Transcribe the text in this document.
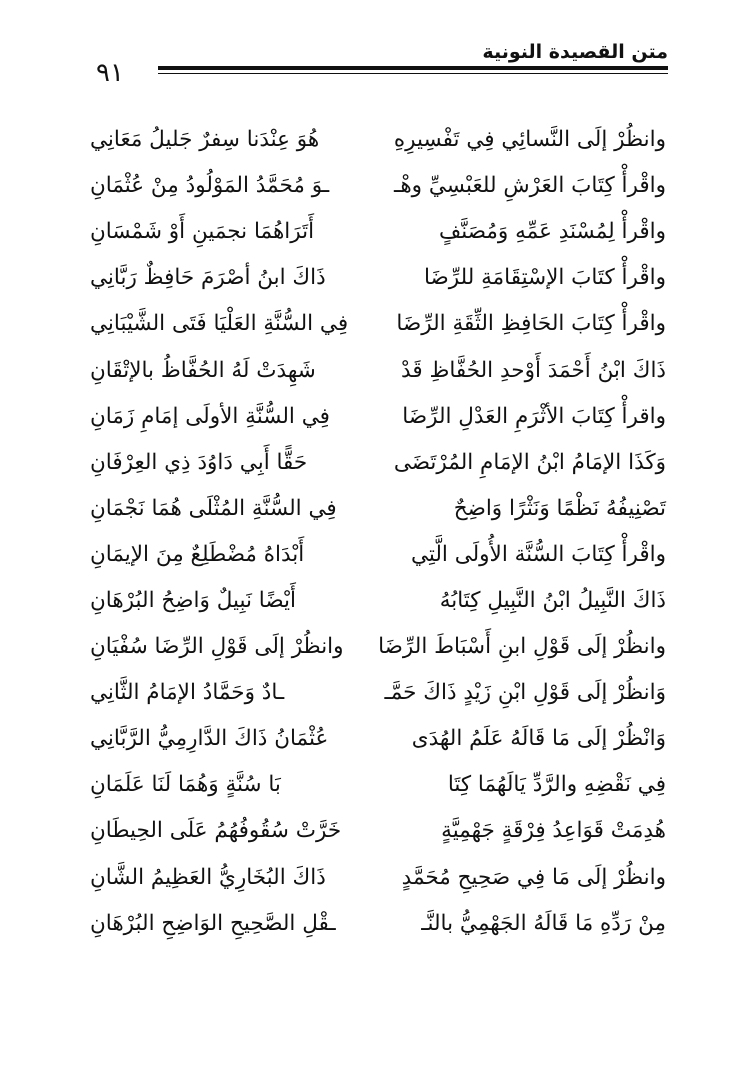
متن القصيدة النونية
٩١
وانظُرْ إلَى النَّسائِي فِي تَفْسِيرِهِ
هُوَ عِنْدَنا سِفرٌ جَليلُ مَعَانِي
واقْرأْ كِتَابَ العَرْشِ للعَبْسِيِّ وهْـ
ـوَ مُحَمَّدُ المَوْلُودُ مِنْ عُثْمَانِ
واقْرأْ لِمُسْنَدِ عَمِّهِ وَمُصَنَّفٍ
أَتَرَاهُمَا نجمَينِ أَوْ شَمْسَانِ
واقْرأْ كتَابَ الإسْتِقَامَةِ للرِّضَا
ذَاكَ ابنُ أصْرَمَ حَافِظٌ رَبَّانِي
واقْرأْ كِتَابَ الحَافِظِ الثِّقَةِ الرِّضَا
فِي السُّنَّةِ العَلْيَا فَتَى الشَّيْبَانِي
ذَاكَ ابْنُ أَحْمَدَ أَوْحدِ الحُفَّاظِ قَدْ
شَهِدَتْ لَهُ الحُفَّاظُ بالإتْقَانِ
واقرأْ كِتَابَ الأثْرَمِ العَدْلِ الرِّضَا
فِي السُّنَّةِ الأولَى إمَامِ زَمَانِ
وَكَذَا الإمَامُ ابْنُ الإمَامِ المُرْتَضَى
حَقًّا أَبِي دَاوُدَ ذِي العِرْفَانِ
تَصْنِيفُهُ نَظْمًا وَنَثْرًا وَاضِحٌ
فِي السُّنَّةِ المُثْلَى هُمَا نَجْمَانِ
واقْرأْ كِتَابَ السُّنَّة الأُولَى الَّتِي
أَبْدَاهُ مُضْطَلِعٌ مِنَ الإيمَانِ
ذَاكَ النَّبِيلُ ابْنُ النَّبِيلِ كِتَابُهُ
أَيْضًا نَبِيلٌ وَاضِحُ البُرْهَانِ
وانظُرْ إلَى قَوْلِ ابنِ أَسْبَاطَ الرِّضَا
وانظُرْ إلَى قَوْلِ الرِّضَا سُفْيَانِ
وَانظُرْ إلَى قَوْلِ ابْنِ زَيْدٍ ذَاكَ حَمَّـ
ـادٌ وَحَمَّادُ الإمَامُ الثَّانِي
وَانْظُرْ إلَى مَا قَالَهُ عَلَمُ الهُدَى
عُثْمَانُ ذَاكَ الدَّارِمِيُّ الرَّبَّانِي
فِي نَقْضِهِ والرَّدِّ يَالَهُمَا كِتَا
بَا سُنَّةٍ وَهُمَا لَنَا عَلَمَانِ
هُدِمَتْ قَوَاعِدُ فِرْقَةٍ جَهْمِيَّةٍ
خَرَّتْ سُقُوفُهُمُ عَلَى الحِيطَانِ
وانظُرْ إلَى مَا فِي صَحِيحِ مُحَمَّدٍ
ذَاكَ البُخَارِيُّ العَظِيمُ الشَّانِ
مِنْ رَدِّهِ مَا قَالَهُ الجَهْمِيُّ بالنَّـ
ـقْلِ الصَّحِيحِ الوَاضِحِ البُرْهَانِ
